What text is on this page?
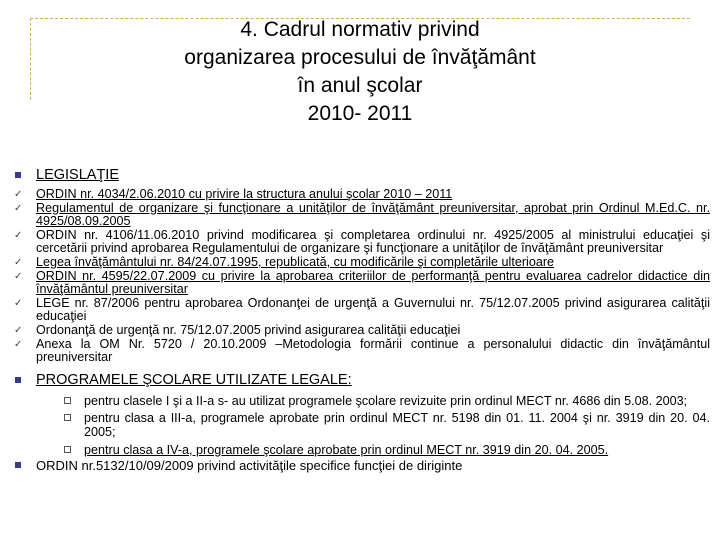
4. Cadrul normativ privind
organizarea procesului de învăţământ
în anul şcolar
2010- 2011
LEGISLAŢIE
✓ ORDIN nr. 4034/2.06.2010 cu privire la structura anului şcolar 2010 – 2011
✓ Regulamentul de organizare şi funcţionare a unităţilor de învăţământ preuniversitar, aprobat prin Ordinul M.Ed.C. nr. 4925/08.09.2005
✓ ORDIN nr. 4106/11.06.2010 privind modificarea şi completarea ordinului nr. 4925/2005 al ministrului educaţiei şi cercetării privind aprobarea Regulamentului de organizare şi funcţionare a unităţilor de învăţământ preuniversitar
✓ Legea învăţământului nr. 84/24.07.1995, republicată, cu modificările şi completările ulterioare
✓ ORDIN nr. 4595/22.07.2009 cu privire la aprobarea criteriilor de performanţă pentru evaluarea cadrelor didactice din învăţământul preuniversitar
✓ LEGE nr. 87/2006 pentru aprobarea Ordonanţei de urgenţă a Guvernului nr. 75/12.07.2005 privind asigurarea calităţii educaţiei
✓ Ordonanţă de urgenţă nr. 75/12.07.2005 privind asigurarea calităţii educaţiei
✓ Anexa la OM Nr. 5720 / 20.10.2009 –Metodologia formării continue a personalului didactic din învăţământul preuniversitar
PROGRAMELE ŞCOLARE UTILIZATE LEGALE:
pentru clasele I şi a II-a s- au utilizat programele şcolare revizuite prin ordinul MECT nr. 4686 din 5.08. 2003;
pentru clasa a III-a, programele aprobate prin ordinul MECT nr. 5198 din 01. 11. 2004 şi nr. 3919 din 20. 04. 2005;
pentru clasa a IV-a, programele şcolare aprobate prin ordinul MECT nr. 3919 din 20. 04. 2005.
ORDIN nr.5132/10/09/2009 privind activităţile specifice funcţiei de diriginte
